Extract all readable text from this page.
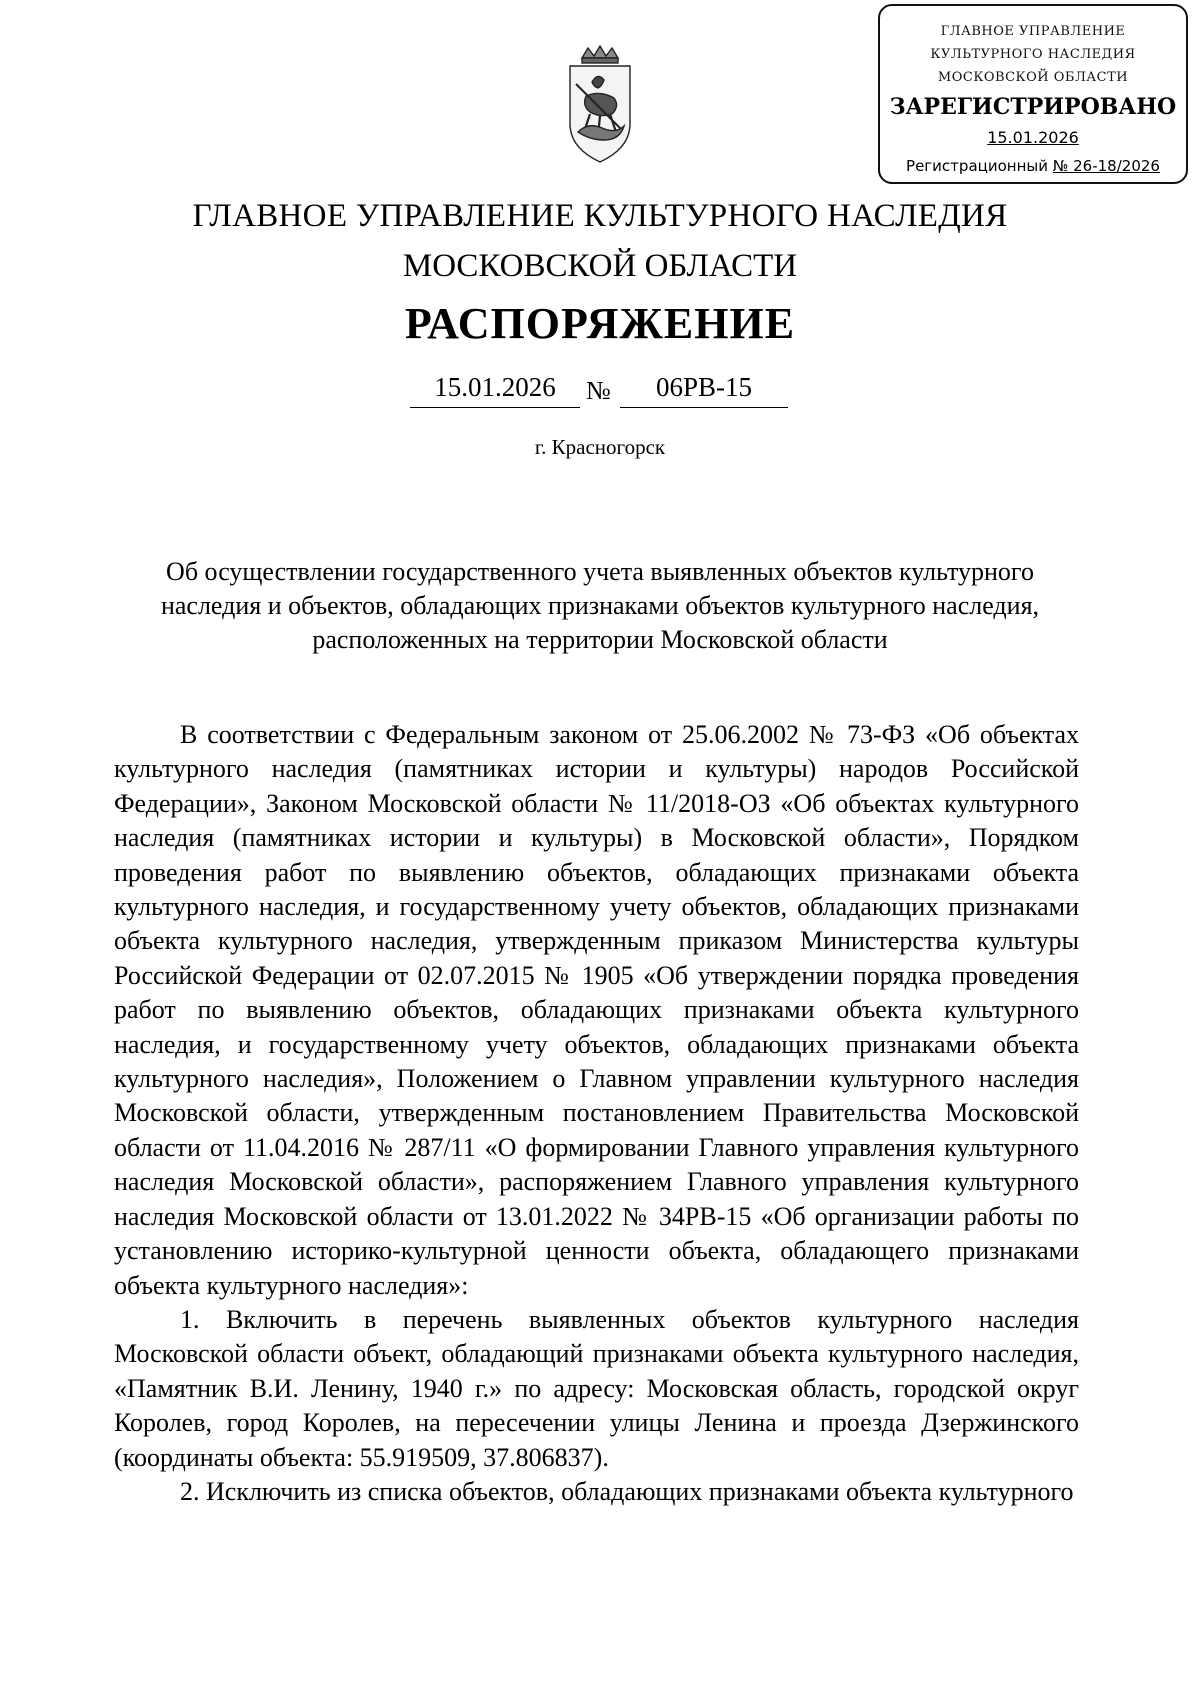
ГЛАВНОЕ УПРАВЛЕНИЕ
КУЛЬТУРНОГО НАСЛЕДИЯ
МОСКОВСКОЙ ОБЛАСТИ
ЗАРЕГИСТРИРОВАНО
15.01.2026
Регистрационный № 26-18/2026
ГЛАВНОЕ УПРАВЛЕНИЕ КУЛЬТУРНОГО НАСЛЕДИЯ
МОСКОВСКОЙ ОБЛАСТИ
РАСПОРЯЖЕНИЕ
15.01.2026	№	06РВ-15
г. Красногорск
Об осуществлении государственного учета выявленных объектов культурного наследия и объектов, обладающих признаками объектов культурного наследия, расположенных на территории Московской области

В соответствии с Федеральным законом от 25.06.2002 № 73-ФЗ «Об объектах культурного наследия (памятниках истории и культуры) народов Российской Федерации», Законом Московской области № 11/2018-ОЗ «Об объектах культурного наследия (памятниках истории и культуры) в Московской области», Порядком проведения работ по выявлению объектов, обладающих признаками объекта культурного наследия, и государственному учету объектов, обладающих признаками объекта культурного наследия, утвержденным приказом Министерства культуры Российской Федерации от 02.07.2015 № 1905 «Об утверждении порядка проведения работ по выявлению объектов, обладающих признаками объекта культурного наследия, и государственному учету объектов, обладающих признаками объекта культурного наследия», Положением о Главном управлении культурного наследия Московской области, утвержденным постановлением Правительства Московской области от 11.04.2016 № 287/11 «О формировании Главного управления культурного наследия Московской области», распоряжением Главного управления культурного наследия Московской области от 13.01.2022 № 34РВ-15 «Об организации работы по установлению историко-культурной ценности объекта, обладающего признаками объекта культурного наследия»:

1. Включить в перечень выявленных объектов культурного наследия Московской области объект, обладающий признаками объекта культурного наследия, «Памятник В.И. Ленину, 1940 г.» по адресу: Московская область, городской округ Королев, город Королев, на пересечении улицы Ленина и проезда Дзержинского (координаты объекта: 55.919509, 37.806837).

2. Исключить из списка объектов, обладающих признаками объекта культурного
